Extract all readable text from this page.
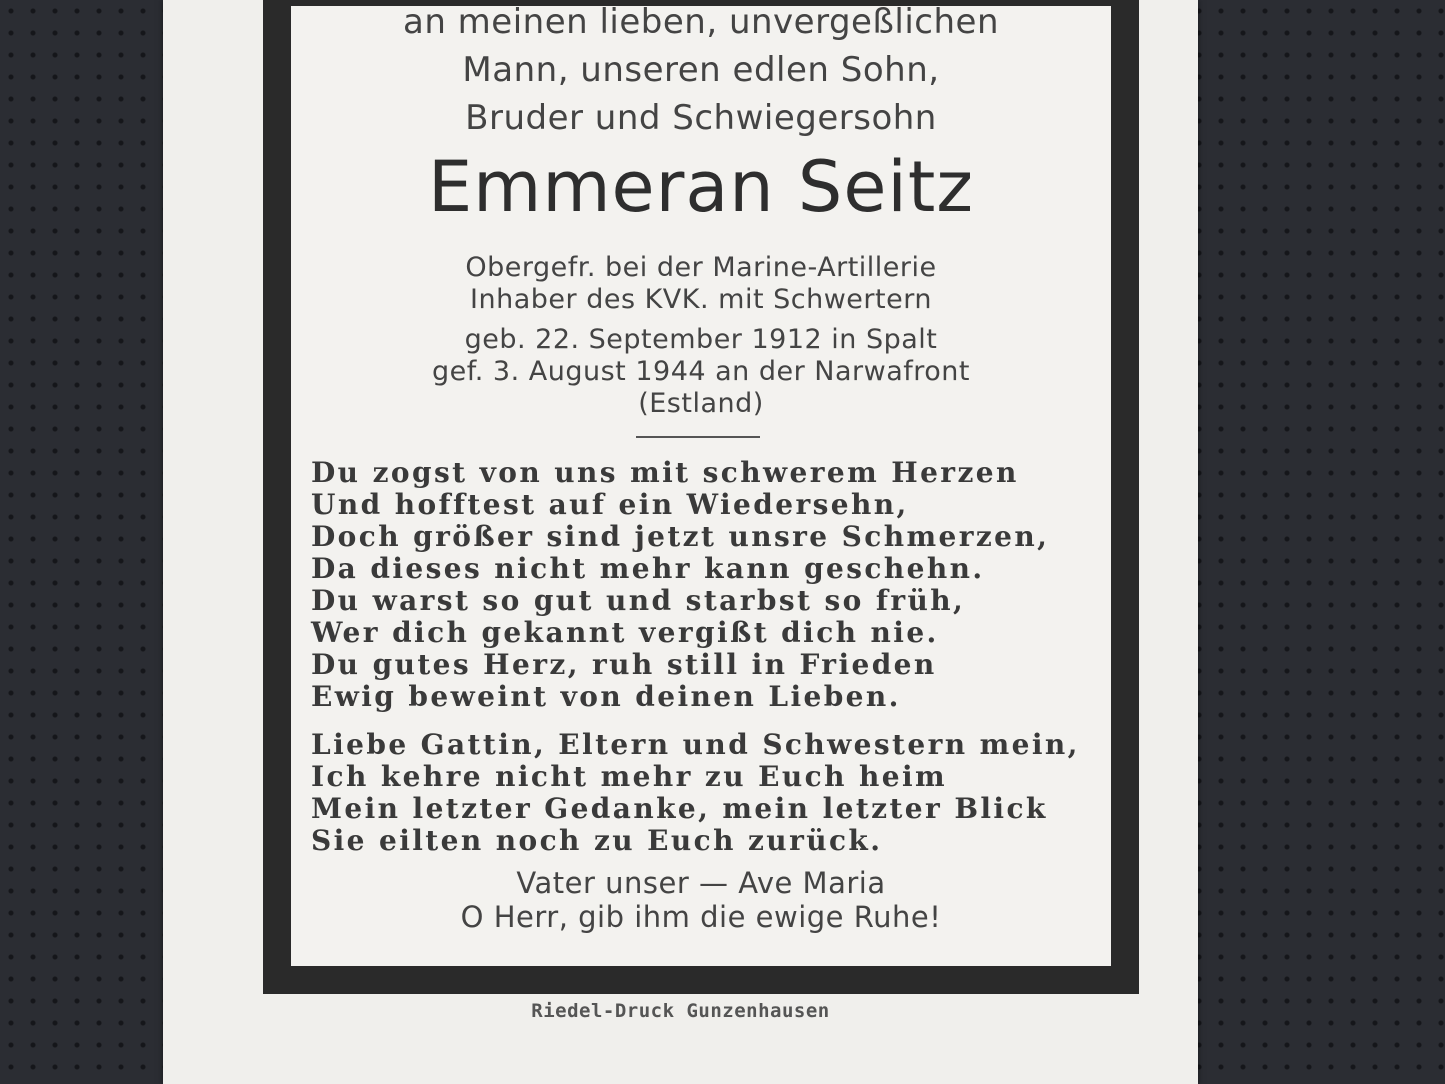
an meinen lieben, unvergeßlichen
Mann, unseren edlen Sohn,
Bruder und Schwiegersohn
Emmeran Seitz
Obergefr. bei der Marine-Artillerie
Inhaber des KVK. mit Schwertern
geb. 22. September 1912 in Spalt
gef. 3. August 1944 an der Narwafront
(Estland)
Du zogst von uns mit schwerem Herzen
Und hofftest auf ein Wiedersehn,
Doch größer sind jetzt unsre Schmerzen,
Da dieses nicht mehr kann geschehn.
Du warst so gut und starbst so früh,
Wer dich gekannt vergißt dich nie.
Du gutes Herz, ruh still in Frieden
Ewig beweint von deinen Lieben.
Liebe Gattin, Eltern und Schwestern mein,
Ich kehre nicht mehr zu Euch heim
Mein letzter Gedanke, mein letzter Blick
Sie eilten noch zu Euch zurück.
Vater unser — Ave Maria
O Herr, gib ihm die ewige Ruhe!
Riedel-Druck Gunzenhausen
